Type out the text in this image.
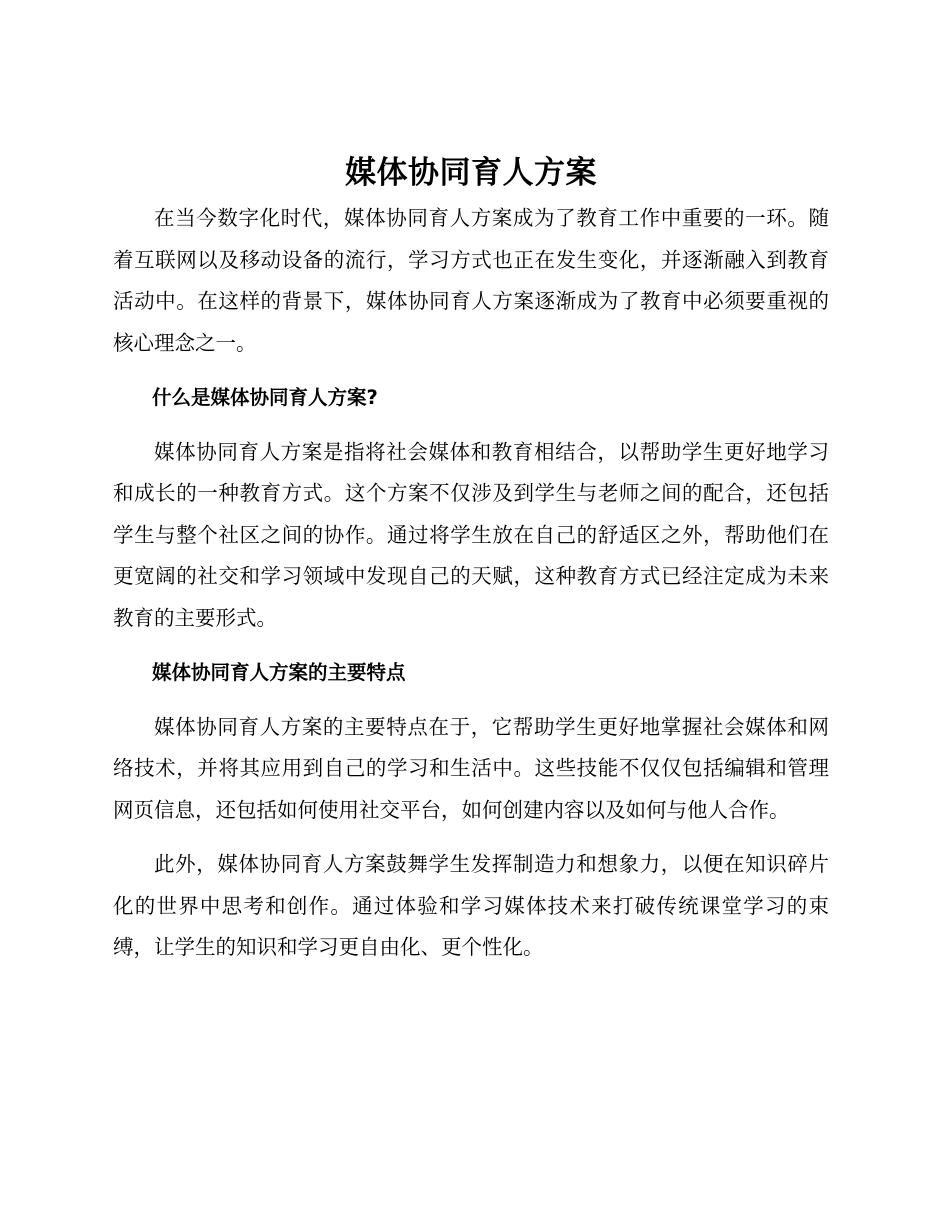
媒体协同育人方案

在当今数字化时代，媒体协同育人方案成为了教育工作中重要的一环。随着互联网以及移动设备的流行，学习方式也正在发生变化，并逐渐融入到教育活动中。在这样的背景下，媒体协同育人方案逐渐成为了教育中必须要重视的核心理念之一。

什么是媒体协同育人方案?

媒体协同育人方案是指将社会媒体和教育相结合，以帮助学生更好地学习和成长的一种教育方式。这个方案不仅涉及到学生与老师之间的配合，还包括学生与整个社区之间的协作。通过将学生放在自己的舒适区之外，帮助他们在更宽阔的社交和学习领域中发现自己的天赋，这种教育方式已经注定成为未来教育的主要形式。

媒体协同育人方案的主要特点

媒体协同育人方案的主要特点在于，它帮助学生更好地掌握社会媒体和网络技术，并将其应用到自己的学习和生活中。这些技能不仅仅包括编辑和管理网页信息，还包括如何使用社交平台，如何创建内容以及如何与他人合作。

此外，媒体协同育人方案鼓舞学生发挥制造力和想象力，以便在知识碎片化的世界中思考和创作。通过体验和学习媒体技术来打破传统课堂学习的束缚，让学生的知识和学习更自由化、更个性化。
